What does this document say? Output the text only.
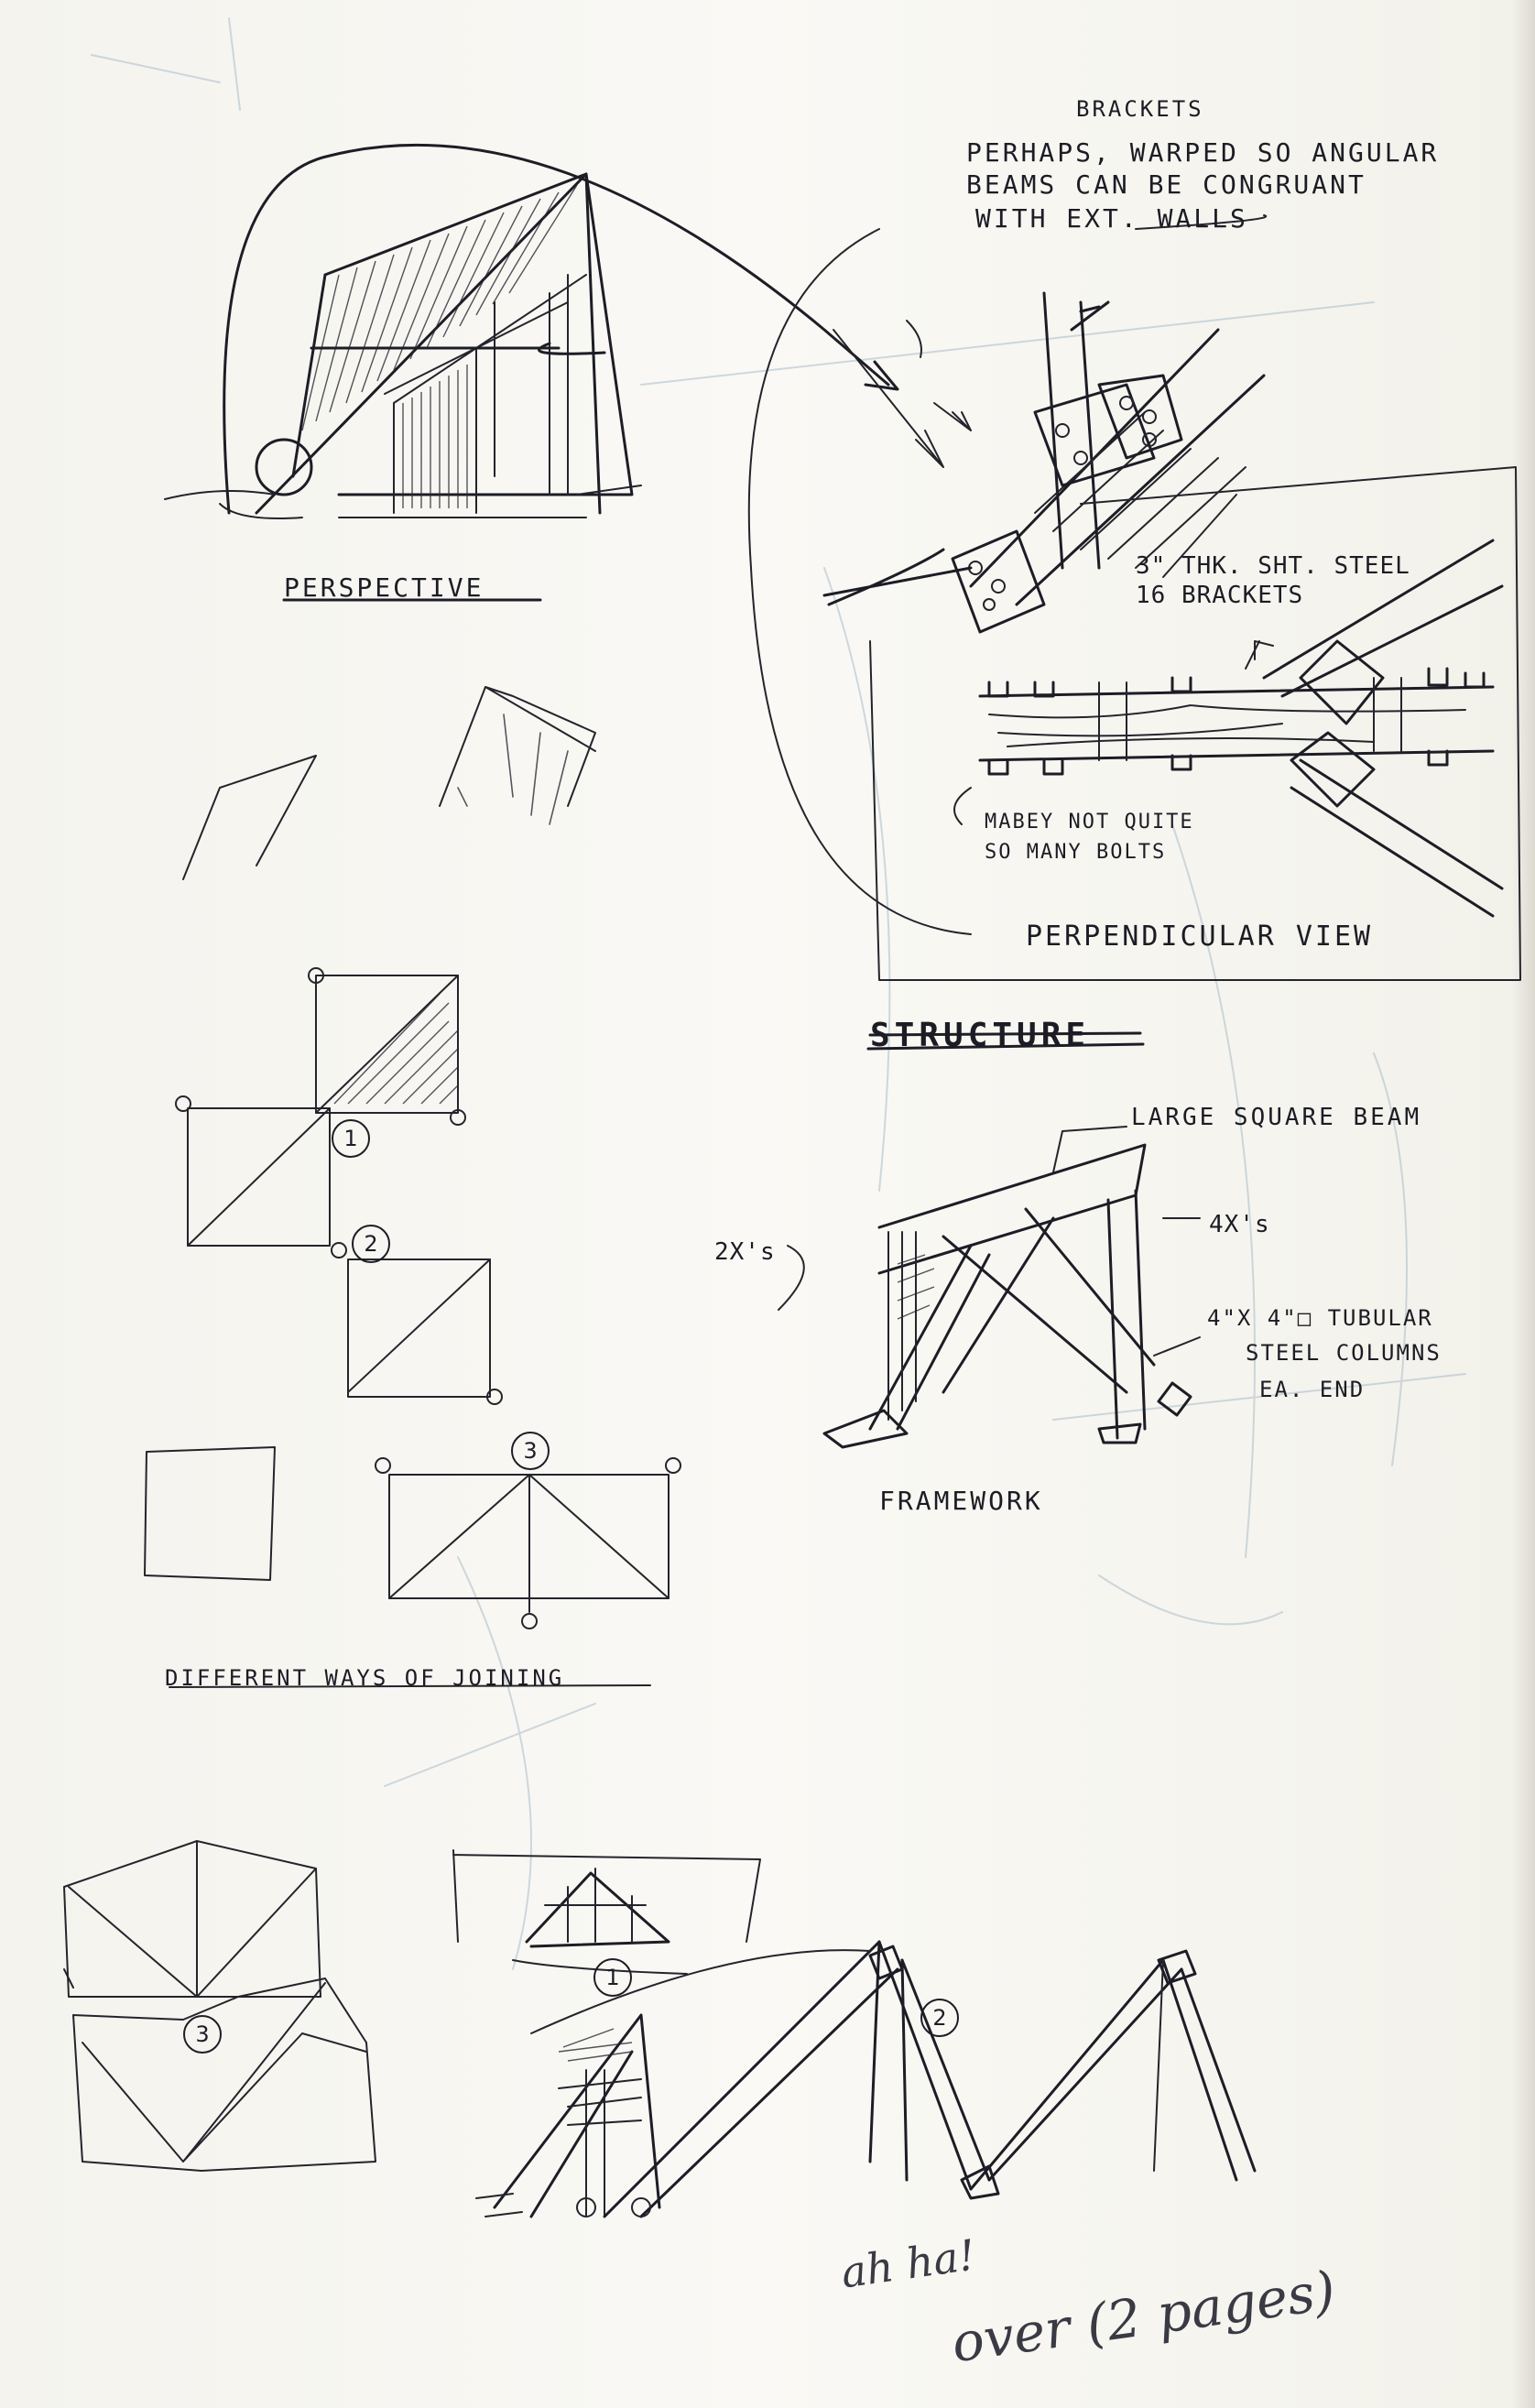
BRACKETS

PERHAPS, WARPED SO ANGULAR

BEAMS CAN BE CONGRUANT

WITH EXT. WALLS

PERSPECTIVE

3" THK. SHT. STEEL

16 BRACKETS

MABEY NOT QUITE

SO MANY BOLTS

PERPENDICULAR VIEW

STRUCTURE

LARGE SQUARE BEAM

2X's

4X's

4"X 4"□ TUBULAR

STEEL COLUMNS

EA. END

FRAMEWORK

1
2
3

DIFFERENT WAYS OF JOINING

3
1
2

ah ha!

over (2 pages)
